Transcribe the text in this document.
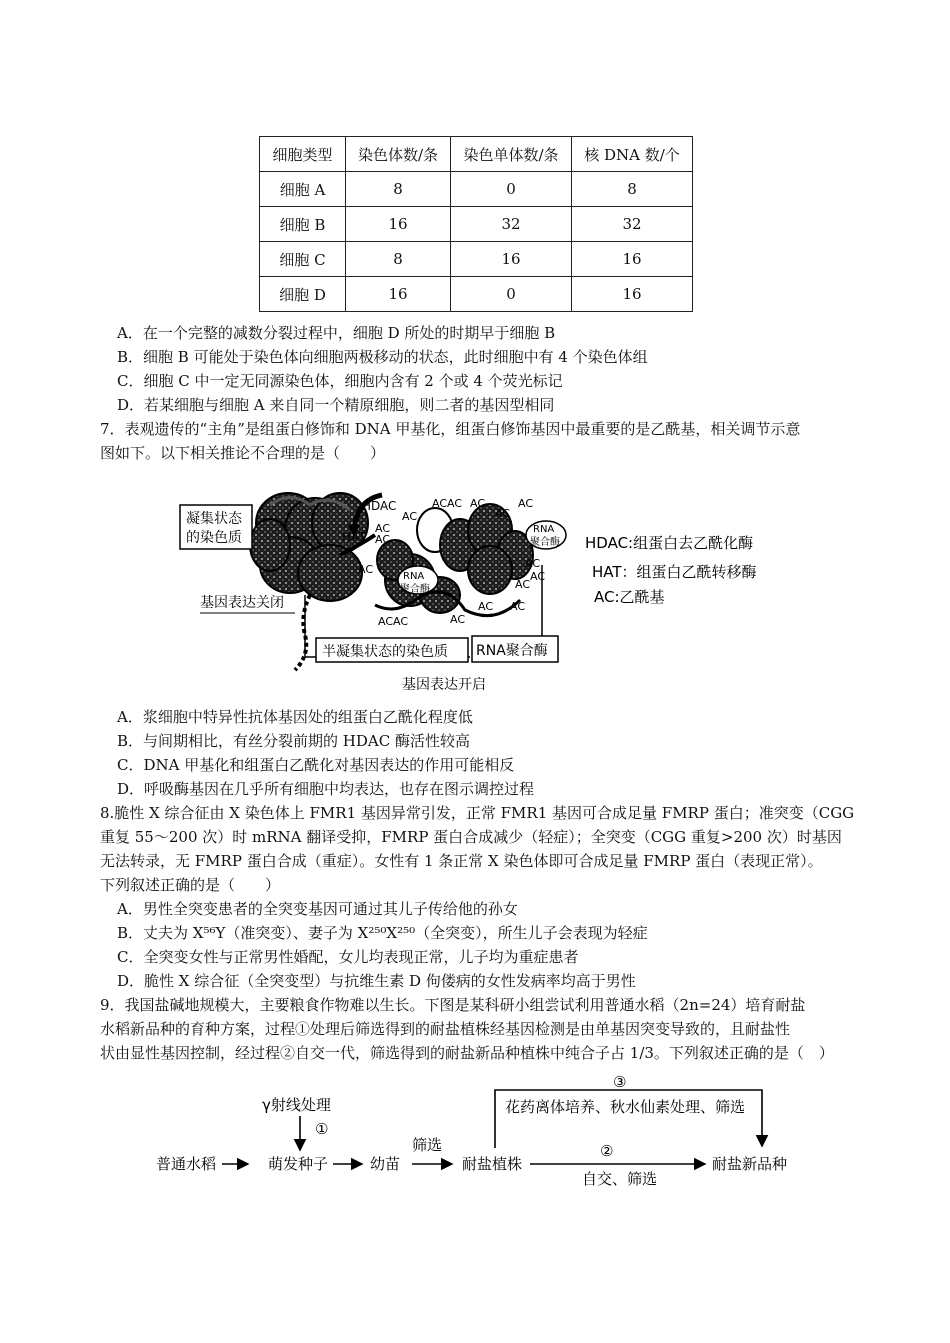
细胞类型	染色体数/条	染色单体数/条	核 DNA 数/个
细胞 A	8	0	8
细胞 B	16	32	32
细胞 C	8	16	16
细胞 D	16	0	16
A．在一个完整的减数分裂过程中，细胞 D 所处的时期早于细胞 B
B．细胞 B 可能处于染色体向细胞两极移动的状态，此时细胞中有 4 个染色体组
C．细胞 C 中一定无同源染色体，细胞内含有 2 个或 4 个荧光标记
D．若某细胞与细胞 A 来自同一个精原细胞，则二者的基因型相同
7．表观遗传的“主角”是组蛋白修饰和 DNA 甲基化，组蛋白修饰基因中最重要的是乙酰基，相关调节示意
图如下。以下相关推论不合理的是（　　）
凝集状态
的染色质
HDAC
HAT
基因表达关闭
RNA
聚合酶
RNA
聚合酶
ACAC AC
AC
AC
AC
AC
AC
AC
ACAC	AC
AC AC
AC
AC
AC
半凝集状态的染色质 RNA聚合酶
基因表达开启
HDAC:组蛋白去乙酰化酶
HAT：组蛋白乙酰转移酶
AC:乙酰基
A．浆细胞中特异性抗体基因处的组蛋白乙酰化程度低
B．与间期相比，有丝分裂前期的 HDAC 酶活性较高
C．DNA 甲基化和组蛋白乙酰化对基因表达的作用可能相反
D．呼吸酶基因在几乎所有细胞中均表达，也存在图示调控过程
8.脆性 X 综合征由 X 染色体上 FMR1 基因异常引发，正常 FMR1 基因可合成足量 FMRP 蛋白；准突变（CGG
重复 55～200 次）时 mRNA 翻译受抑，FMRP 蛋白合成减少（轻症）；全突变（CGG 重复>200 次）时基因
无法转录，无 FMRP 蛋白合成（重症）。女性有 1 条正常 X 染色体即可合成足量 FMRP 蛋白（表现正常）。
下列叙述正确的是（　　）
A．男性全突变患者的全突变基因可通过其儿子传给他的孙女
B．丈夫为 X⁵⁶Y（准突变）、妻子为 X²⁵⁰X²⁵⁰（全突变），所生儿子会表现为轻症
C．全突变女性与正常男性婚配，女儿均表现正常，儿子均为重症患者
D．脆性 X 综合征（全突变型）与抗维生素 D 佝偻病的女性发病率均高于男性
9．我国盐碱地规模大，主要粮食作物难以生长。下图是某科研小组尝试利用普通水稻（2n=24）培育耐盐
水稻新品种的育种方案，过程①处理后筛选得到的耐盐植株经基因检测是由单基因突变导致的，且耐盐性
状由显性基因控制，经过程②自交一代，筛选得到的耐盐新品种植株中纯合子占 1/3。下列叙述正确的是（　）
γ射线处理
①
普通水稻	萌发种子	幼苗
筛选
耐盐植株
②
自交、筛选
耐盐新品种
③
花药离体培养、秋水仙素处理、筛选
